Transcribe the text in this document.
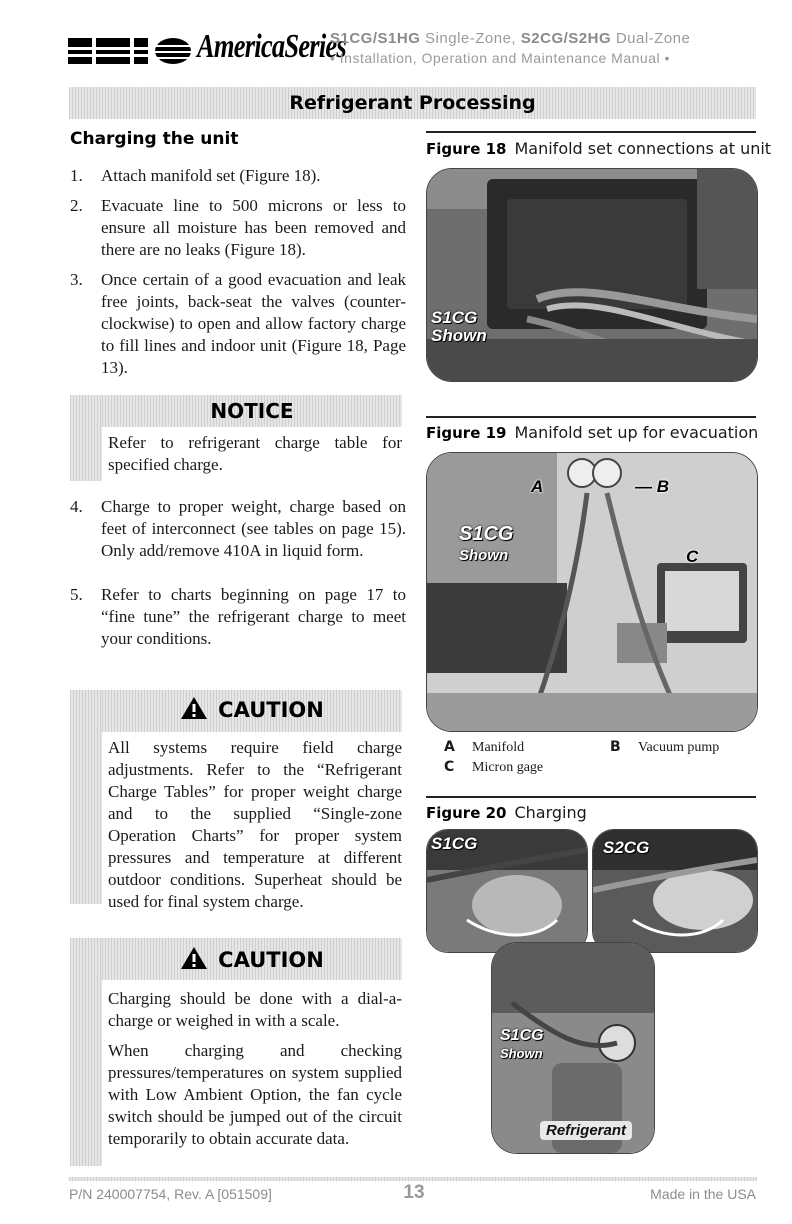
AmericaSeries
S1CG/S1HG Single-Zone, S2CG/S2HG Dual-Zone
• Installation, Operation and Maintenance Manual •
Refrigerant Processing
Charging the unit
1. Attach manifold set (Figure 18).
2. Evacuate line to 500 microns or less to ensure all moisture has been removed and there are no leaks (Figure 18).
3. Once certain of a good evacuation and leak free joints, back-seat the valves (counter-clockwise) to open and allow factory charge to fill lines and indoor unit (Figure 18, Page 13).
NOTICE
Refer to refrigerant charge table for specified charge.
4. Charge to proper weight, charge based on feet of interconnect (see tables on page 15). Only add/remove 410A in liquid form.
5. Refer to charts beginning on page 17 to “fine tune” the refrigerant charge to meet your conditions.
CAUTION

All systems require field charge adjustments. Refer to the “Refrigerant Charge Tables” for proper weight charge and to the supplied “Single-zone Operation Charts” for proper system pressures and temperature at different outdoor conditions. Superheat should be used for final system charge.

CAUTION

Charging should be done with a dial-a-charge or weighed in with a scale.

When charging and checking pressures/temperatures on system supplied with Low Ambient Option, the fan cycle switch should be jumped out of the circuit temporarily to obtain accurate data.

Figure 18 Manifold set connections at unit
S1CG
Shown
Figure 19 Manifold set up for evacuation
S1CG
Shown
A	— B
C
A Manifold	B Vacuum pump
C Micron gage
Figure 20 Charging
S1CG	S2CG
S1CG
Shown
Refrigerant
P/N 240007754, Rev. A [051509]	13	Made in the USA
